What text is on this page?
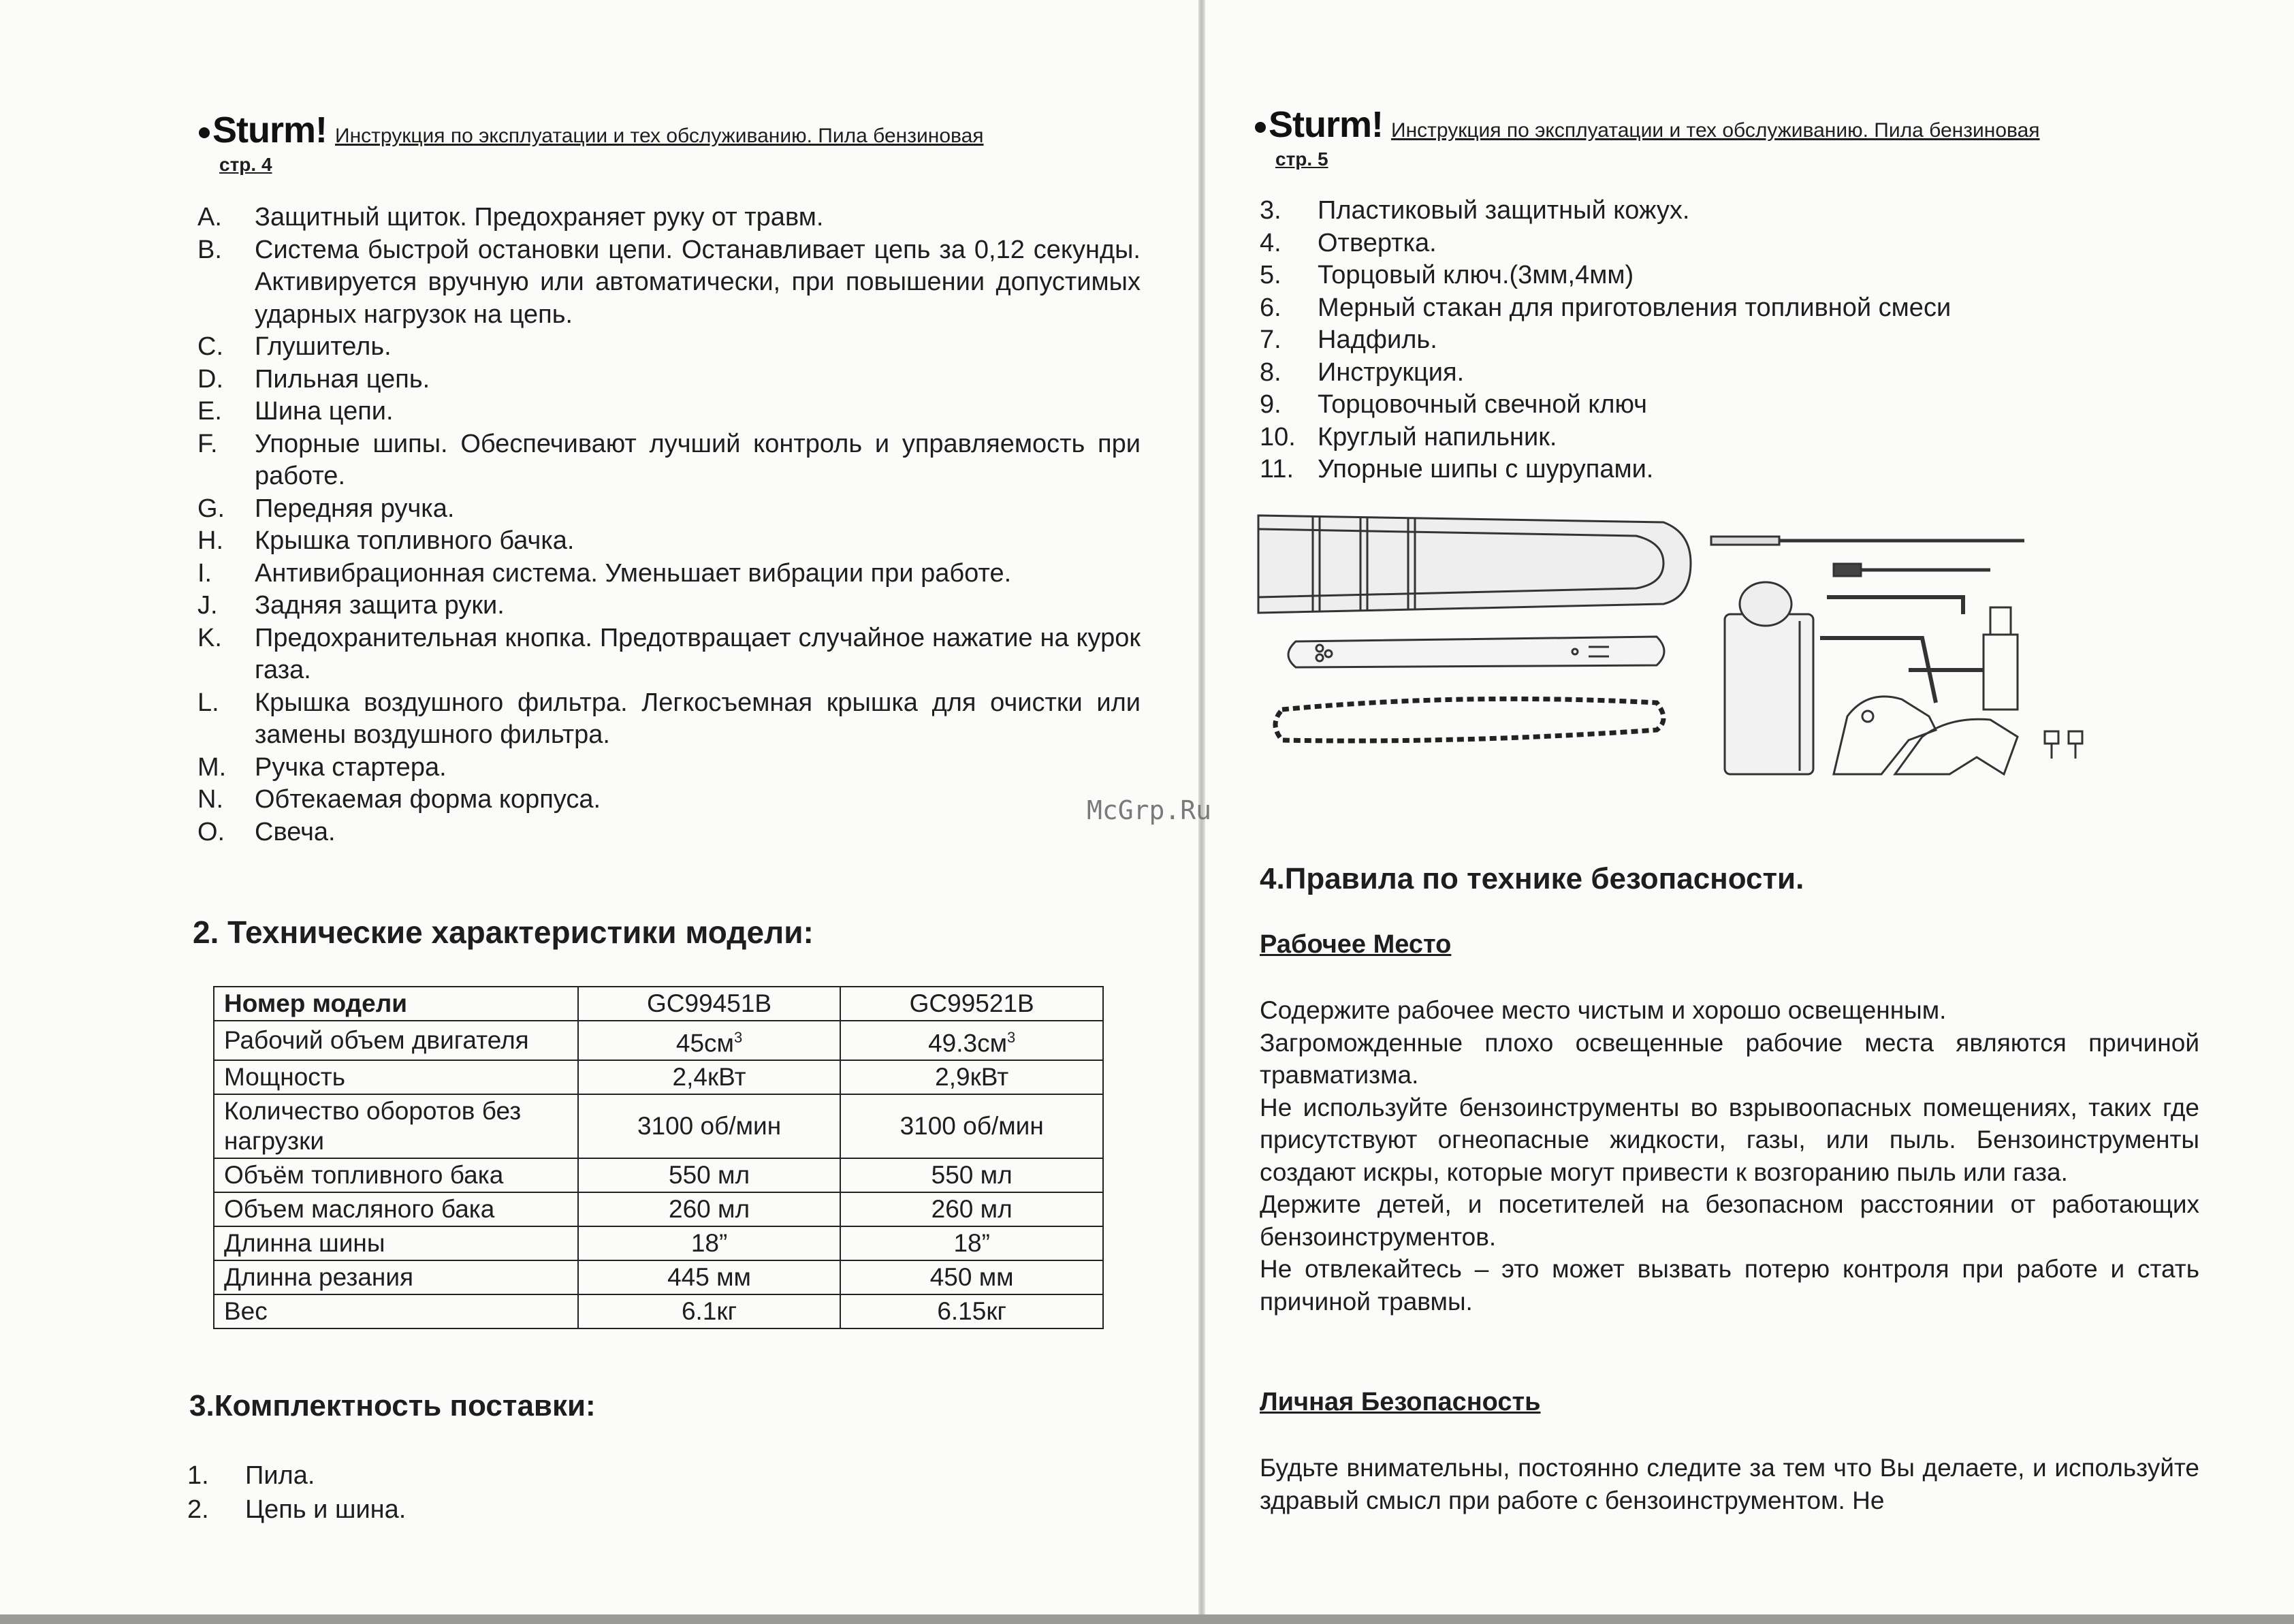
Sturm! Инструкция по эксплуатации и тех обслуживанию. Пила бензиновая
стр. 4
A.	Защитный щиток. Предохраняет руку от травм.
B.	Система быстрой остановки цепи. Останавливает цепь за 0,12 секунды. Активируется вручную или автоматически, при повышении допустимых ударных нагрузок на цепь.
C.	Глушитель.
D.	Пильная цепь.
E.	Шина цепи.
F.	Упорные шипы. Обеспечивают лучший контроль и управляемость при работе.
G.	Передняя ручка.
H.	Крышка топливного бачка.
I.	Антивибрационная система. Уменьшает вибрации при работе.
J.	Задняя защита руки.
K.	Предохранительная кнопка. Предотвращает случайное нажатие на курок газа.
L.	Крышка воздушного фильтра. Легкосъемная крышка для очистки или замены воздушного фильтра.
M.	Ручка стартера.
N.	Обтекаемая форма корпуса.
O.	Свеча.
2. Технические характеристики модели:
Номер модели	GC99451B	GC99521B
Рабочий объем двигателя	$45см^3$	$49.3см^3$
Мощность	2,4кВт	2,9кВт
Количество оборотов без нагрузки	3100 об/мин	3100 об/мин
Объём топливного бака	550 мл	550 мл
Объем масляного бака	260 мл	260 мл
Длинна шины	18”	18”
Длинна резания	445 мм	450 мм
Вес	6.1кг	6.15кг
3.Комплектность поставки:
1.	Пила.
2.	Цепь и шина.
Sturm! Инструкция по эксплуатации и тех обслуживанию. Пила бензиновая
стр. 5
3.	Пластиковый защитный кожух.
4.	Отвертка.
5.	Торцовый ключ.(3мм,4мм)
6.	Мерный стакан для приготовления топливной смеси
7.	Надфиль.
8.	Инструкция.
9.	Торцовочный свечной ключ
10. Круглый напильник.
11. Упорные шипы с шурупами.
McGrp.Ru
4.Правила по технике безопасности.
Рабочее Место

Содержите рабочее место чистым и хорошо освещенным.

Загроможденные плохо освещенные рабочие места являются причиной травматизма.

Не используйте бензоинструменты во взрывоопасных помещениях, таких где присутствуют огнеопасные жидкости, газы, или пыль. Бензоинструменты создают искры, которые могут привести к возгоранию пыль или газа.

Держите детей, и посетителей на безопасном расстоянии от работающих бензоинструментов.

Не отвлекайтесь – это может вызвать потерю контроля при работе и стать причиной травмы.

Личная Безопасность

Будьте внимательны, постоянно следите за тем что Вы делаете, и используйте здравый смысл при работе с бензоинструментом. Не
